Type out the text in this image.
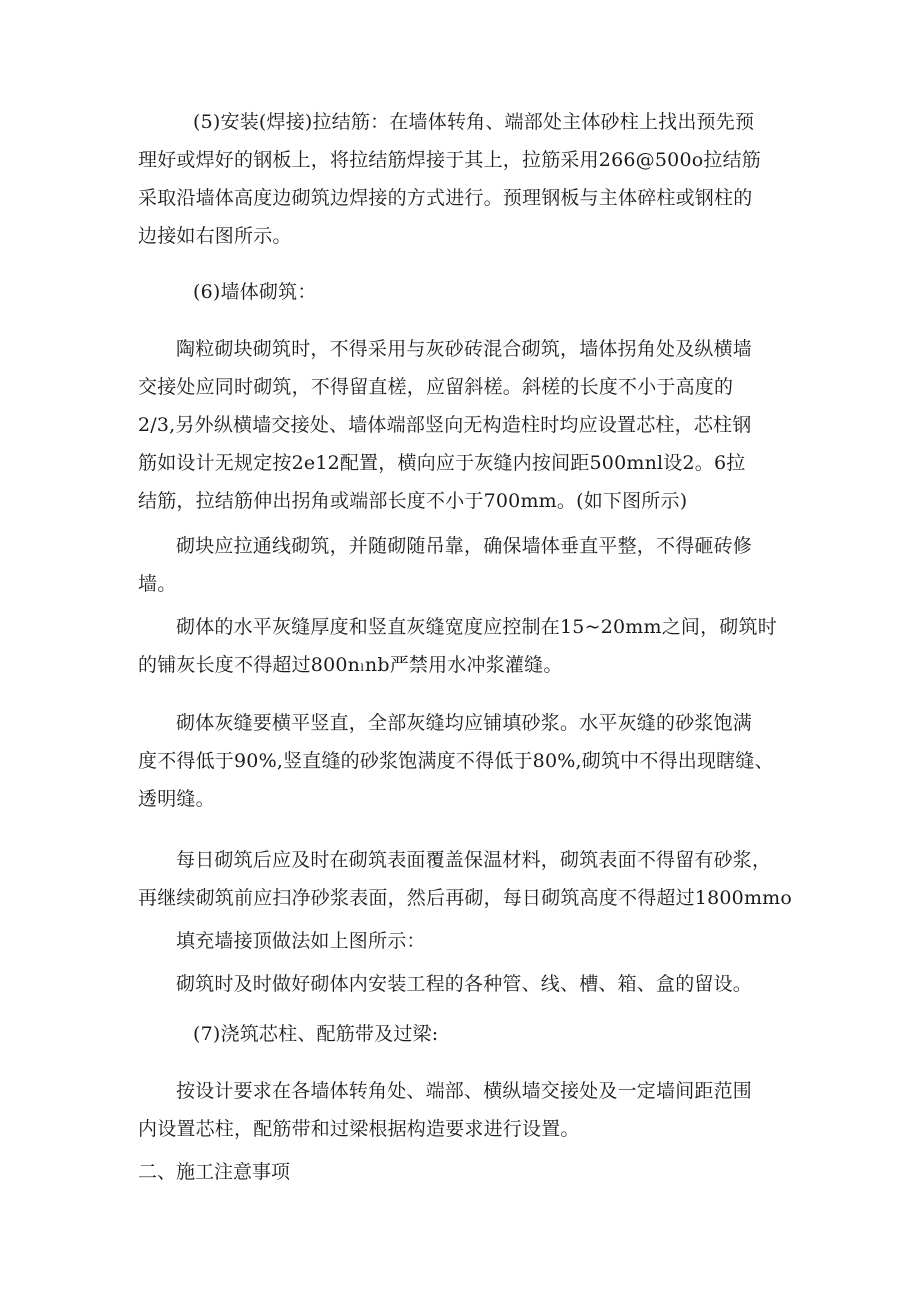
(5)安装(焊接)拉结筋：在墙体转角、端部处主体砂柱上找出预先预
理好或焊好的钢板上，将拉结筋焊接于其上，拉筋采用266@500o拉结筋
采取沿墙体高度边砌筑边焊接的方式进行。预理钢板与主体碎柱或钢柱的
边接如右图所示。
(6)墙体砌筑：
陶粒砌块砌筑时，不得采用与灰砂砖混合砌筑，墙体拐角处及纵横墙
交接处应同时砌筑，不得留直槎，应留斜槎。斜槎的长度不小于高度的
2/3,另外纵横墙交接处、墙体端部竖向无构造柱时均应设置芯柱，芯柱钢
筋如设计无规定按2e12配置，横向应于灰缝内按间距500mnl设2。6拉
结筋，拉结筋伸出拐角或端部长度不小于700mm。(如下图所示)
砌块应拉通线砌筑，并随砌随吊靠，确保墙体垂直平整，不得砸砖修
墙。
砌体的水平灰缝厚度和竖直灰缝宽度应控制在15~20mm之间，砌筑时
的铺灰长度不得超过800nₗnb严禁用水冲浆灌缝。
砌体灰缝要横平竖直，全部灰缝均应铺填砂浆。水平灰缝的砂浆饱满
度不得低于90%,竖直缝的砂浆饱满度不得低于80%,砌筑中不得出现瞎缝、
透明缝。
每日砌筑后应及时在砌筑表面覆盖保温材料，砌筑表面不得留有砂浆，
再继续砌筑前应扫净砂浆表面，然后再砌，每日砌筑高度不得超过1800mmo
填充墙接顶做法如上图所示：
砌筑时及时做好砌体内安装工程的各种管、线、槽、箱、盒的留设。
(7)浇筑芯柱、配筋带及过梁:
按设计要求在各墙体转角处、端部、横纵墙交接处及一定墙间距范围
内设置芯柱，配筋带和过梁根据构造要求进行设置。
二、施工注意事项
